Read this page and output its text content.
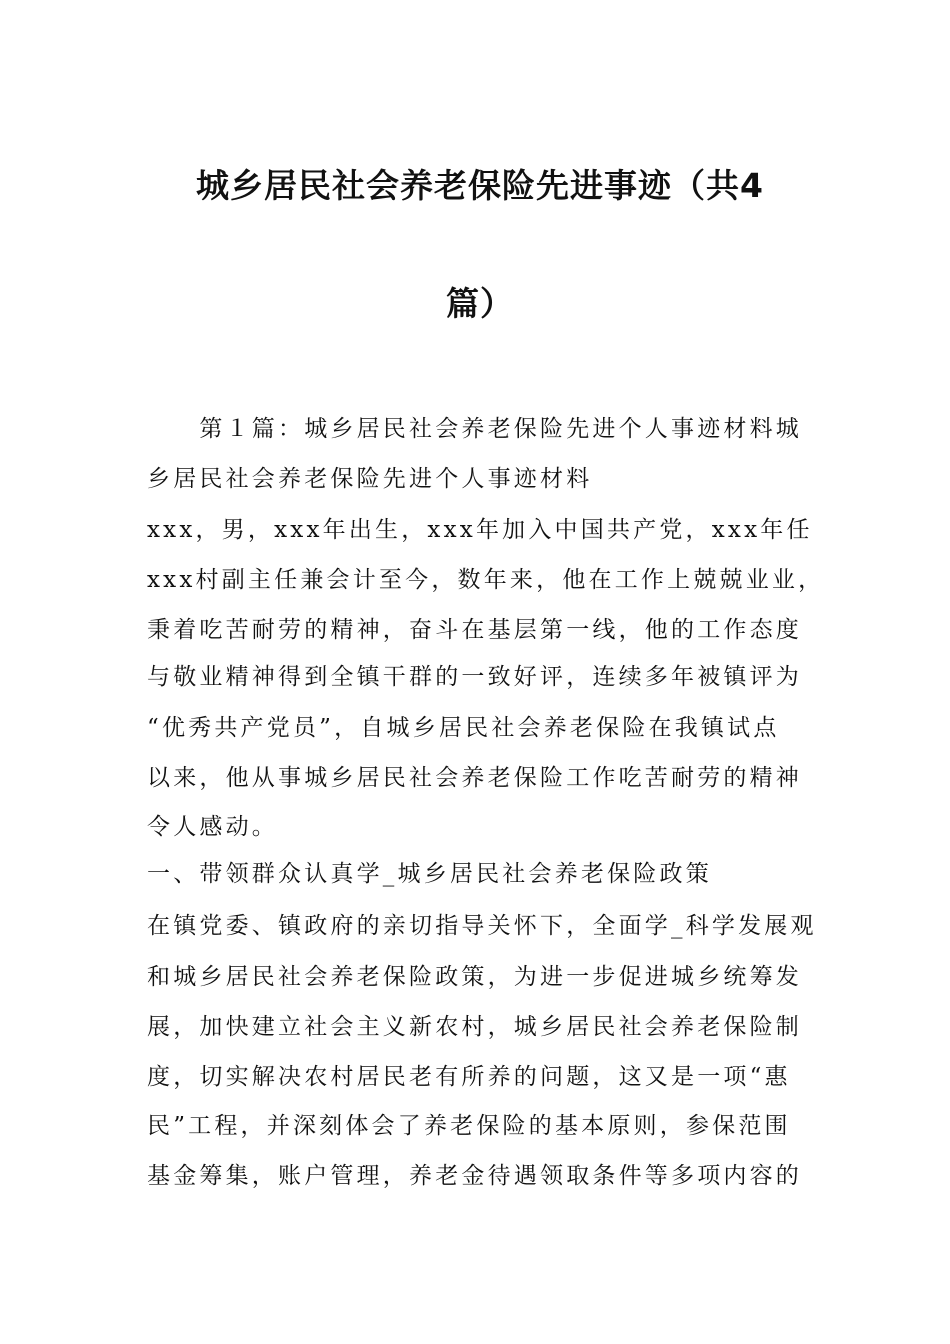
城乡居民社会养老保险先进事迹（共4
篇）
　　第１篇：城乡居民社会养老保险先进个人事迹材料城
乡居民社会养老保险先进个人事迹材料
xxx，男，xxx年出生，xxx年加入中国共产党，xxx年任
xxx村副主任兼会计至今，数年来，他在工作上兢兢业业，
秉着吃苦耐劳的精神，奋斗在基层第一线，他的工作态度
与敬业精神得到全镇干群的一致好评，连续多年被镇评为
“优秀共产党员”，自城乡居民社会养老保险在我镇试点
以来，他从事城乡居民社会养老保险工作吃苦耐劳的精神
令人感动。
一、带领群众认真学_城乡居民社会养老保险政策
在镇党委、镇政府的亲切指导关怀下，全面学_科学发展观
和城乡居民社会养老保险政策，为进一步促进城乡统筹发
展，加快建立社会主义新农村，城乡居民社会养老保险制
度，切实解决农村居民老有所养的问题，这又是一项“惠
民”工程，并深刻体会了养老保险的基本原则，参保范围
基金筹集，账户管理，养老金待遇领取条件等多项内容的
